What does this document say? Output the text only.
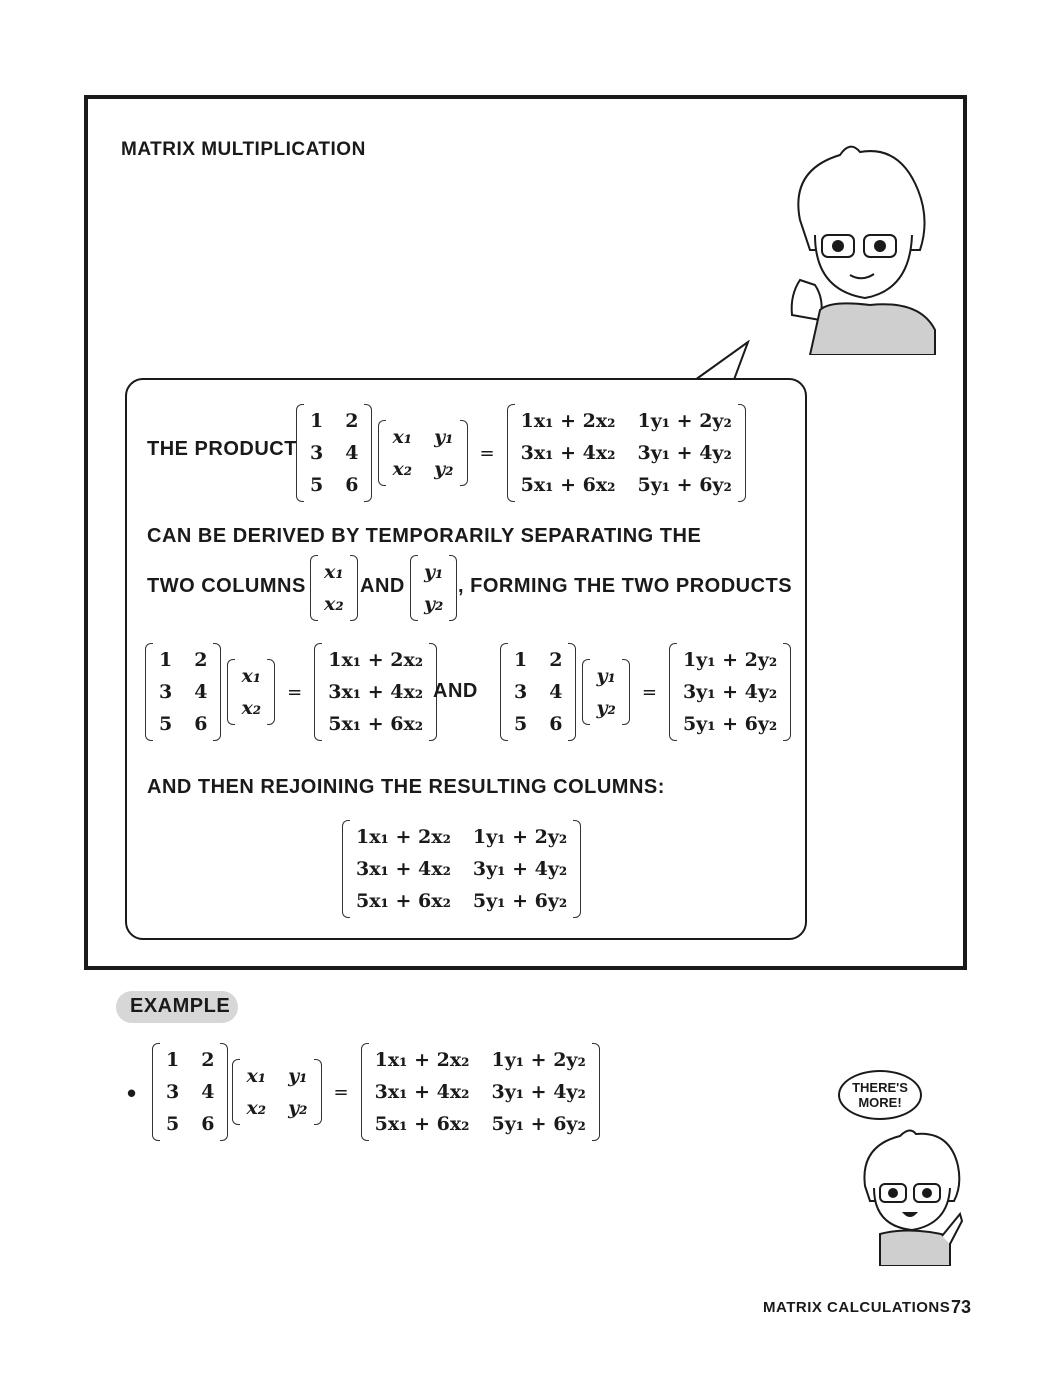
MATRIX MULTIPLICATION
THE PRODUCT
1 2
3 4
5 6
x₁ y₁
x₂ y₂
=
1x₁ + 2x₂ 1y₁ + 2y₂
3x₁ + 4x₂ 3y₁ + 4y₂
5x₁ + 6x₂ 5y₁ + 6y₂
CAN BE DERIVED BY TEMPORARILY SEPARATING THE
TWO COLUMNS
x₁
x₂
AND
y₁
y₂
, FORMING THE TWO PRODUCTS
1 2
3 4
5 6
x₁
x₂
=
1x₁ + 2x₂
3x₁ + 4x₂
5x₁ + 6x₂
AND
1 2
3 4
5 6
y₁
y₂
=
1y₁ + 2y₂
3y₁ + 4y₂
5y₁ + 6y₂
AND THEN REJOINING THE RESULTING COLUMNS:
1x₁ + 2x₂ 1y₁ + 2y₂
3x₁ + 4x₂ 3y₁ + 4y₂
5x₁ + 6x₂ 5y₁ + 6y₂
EXAMPLE
•
1 2
3 4
5 6
x₁ y₁
x₂ y₂
=
1x₁ + 2x₂ 1y₁ + 2y₂
3x₁ + 4x₂ 3y₁ + 4y₂
5x₁ + 6x₂ 5y₁ + 6y₂
THERE'S
MORE!
MATRIX CALCULATIONS 73
